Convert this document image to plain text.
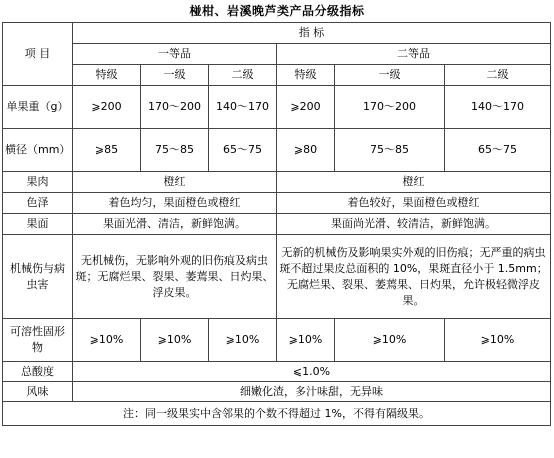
椪柑、岩溪晚芦类产品分级指标
项 目	指 标					
	一等品			二等品		
	特级	一级	二级	特级	一级	二级
单果重（g）	⩾200	170～200	140～170	⩾200	170～200	140～170
横径（mm）	⩾85	75～85	65～75	⩾80	75～85	65～75
果肉	橙红			橙红		
色泽	着色均匀，果面橙色或橙红			着色较好，果面橙色或橙红		
果面	果面光滑、清洁，新鲜饱满。			果面尚光滑、较清洁，新鲜饱满。		
机械伤与病虫害	无机械伤，无影响外观的旧伤痕及病虫斑；无腐烂果、裂果、萎蔫果、日灼果、浮皮果。			无新的机械伤及影响果实外观的旧伤痕；无严重的病虫斑不超过果皮总面积的 10%，果斑直径小于 1.5mm；无腐烂果、裂果、萎蔫果、日灼果，允许极轻微浮皮果。		
可溶性固形物	⩾10%	⩾10%	⩾10%	⩾10%	⩾10%	⩾10%
总酸度	⩽1.0%					
风味	细嫩化渣，多汁味甜，无异味					
注：同一级果实中含邻果的个数不得超过 1%，不得有隔级果。						
